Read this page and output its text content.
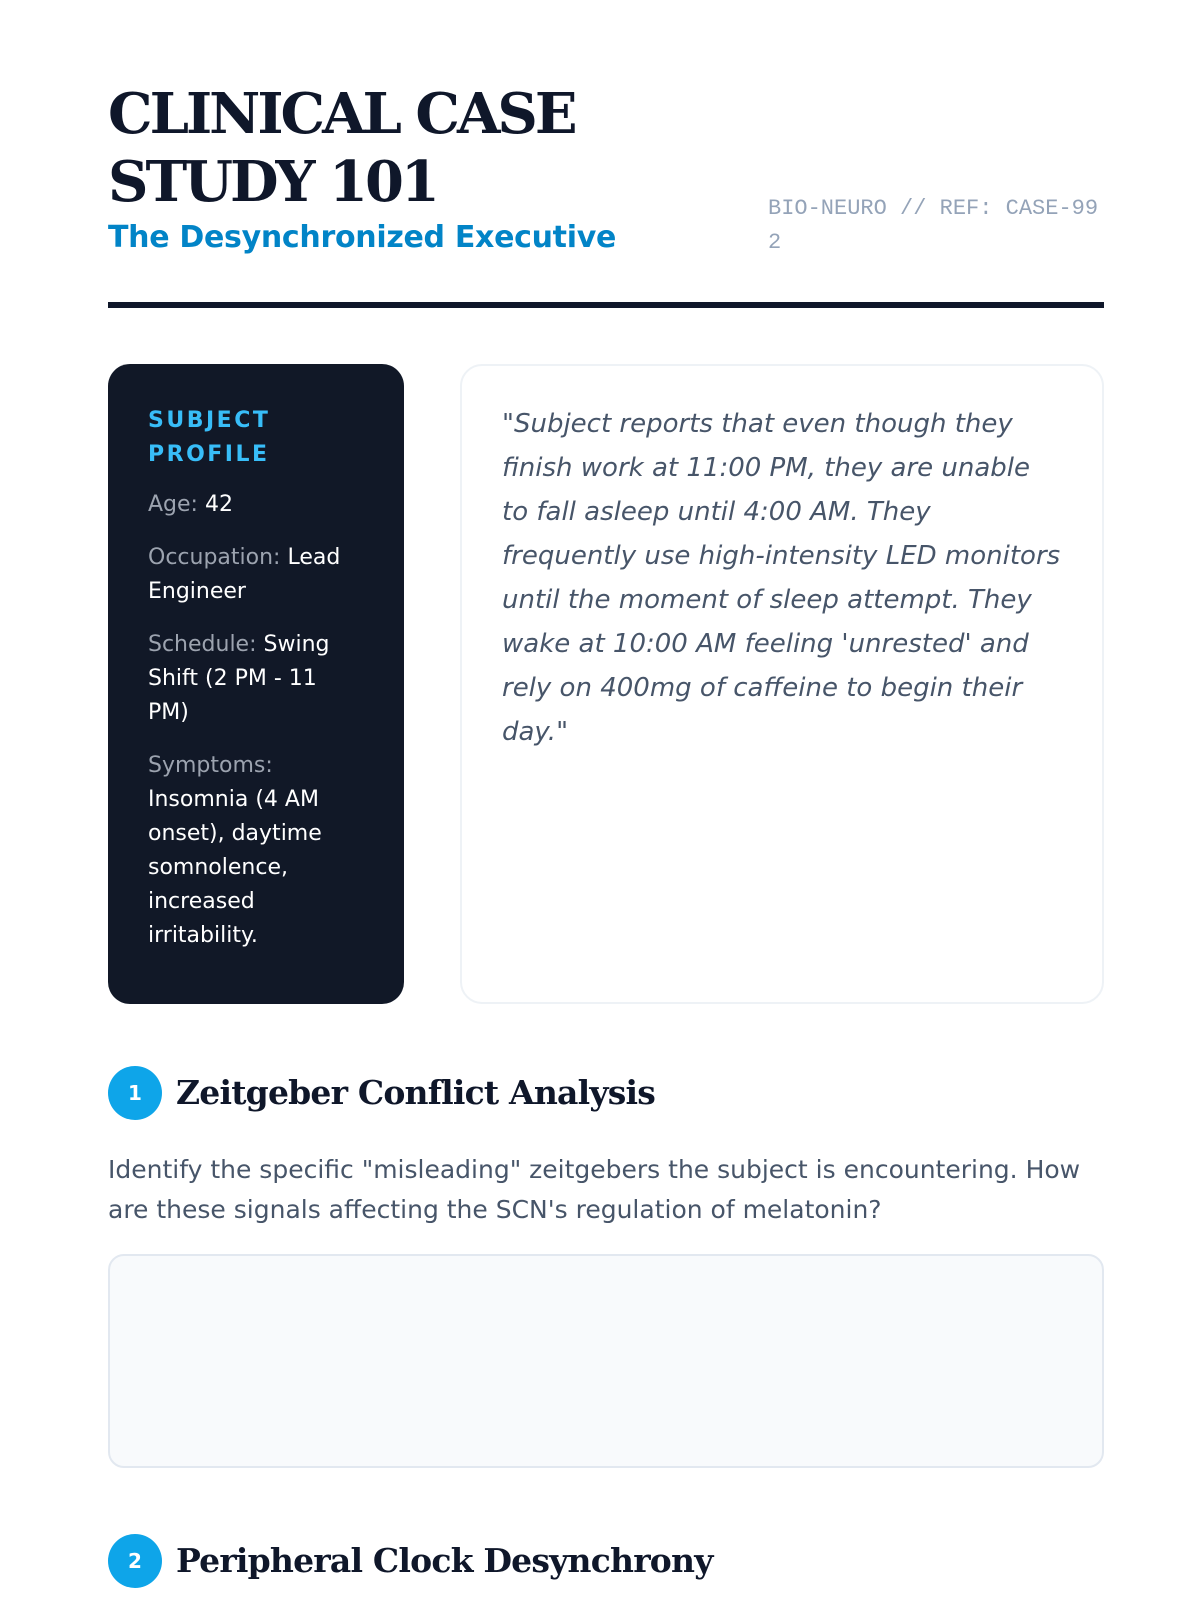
CLINICAL CASE STUDY 101
The Desynchronized Executive
BIO-NEURO // REF: CASE-992
SUBJECT PROFILE
Age: 42
Occupation: Lead Engineer
Schedule: Swing Shift (2 PM - 11 PM)
Symptoms: Insomnia (4 AM onset), daytime somnolence, increased irritability.

"Subject reports that even though they finish work at 11:00 PM, they are unable to fall asleep until 4:00 AM. They frequently use high-intensity LED monitors until the moment of sleep attempt. They wake at 10:00 AM feeling 'unrested' and rely on 400mg of caffeine to begin their day."

1	Zeitgeber Conflict Analysis

Identify the specific "misleading" zeitgebers the subject is encountering. How are these signals affecting the SCN's regulation of melatonin?

2	Peripheral Clock Desynchrony
